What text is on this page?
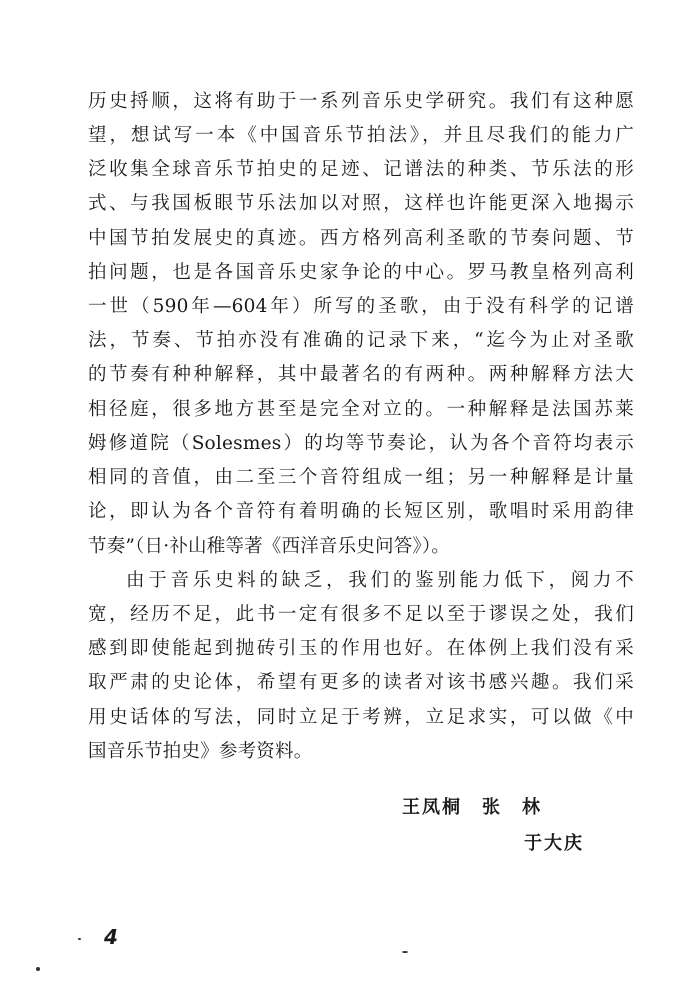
历史捋顺，这将有助于一系列音乐史学研究。我们有这种愿
望，想试写一本《中国音乐节拍法》，并且尽我们的能力广
泛收集全球音乐节拍史的足迹、记谱法的种类、节乐法的形
式、与我国板眼节乐法加以对照，这样也许能更深入地揭示
中国节拍发展史的真迹。西方格列高利圣歌的节奏问题、节
拍问题，也是各国音乐史家争论的中心。罗马教皇格列高利
一世（590年—604年）所写的圣歌，由于没有科学的记谱
法，节奏、节拍亦没有准确的记录下来，“迄今为止对圣歌
的节奏有种种解释，其中最著名的有两种。两种解释方法大
相径庭，很多地方甚至是完全对立的。一种解释是法国苏莱
姆修道院（Solesmes）的均等节奏论，认为各个音符均表示
相同的音值，由二至三个音符组成一组；另一种解释是计量
论，即认为各个音符有着明确的长短区别，歌唱时采用韵律
节奏”（日·䃼山稚等著《西洋音乐史问答》）。
由于音乐史料的缺乏，我们的鉴别能力低下，阅力不
宽，经历不足，此书一定有很多不足以至于谬误之处，我们
感到即使能起到抛砖引玉的作用也好。在体例上我们没有采
取严肃的史论体，希望有更多的读者对该书感兴趣。我们采
用史话体的写法，同时立足于考辨，立足求实，可以做《中
国音乐节拍史》参考资料。
王凤桐　张　林
于大庆
4
